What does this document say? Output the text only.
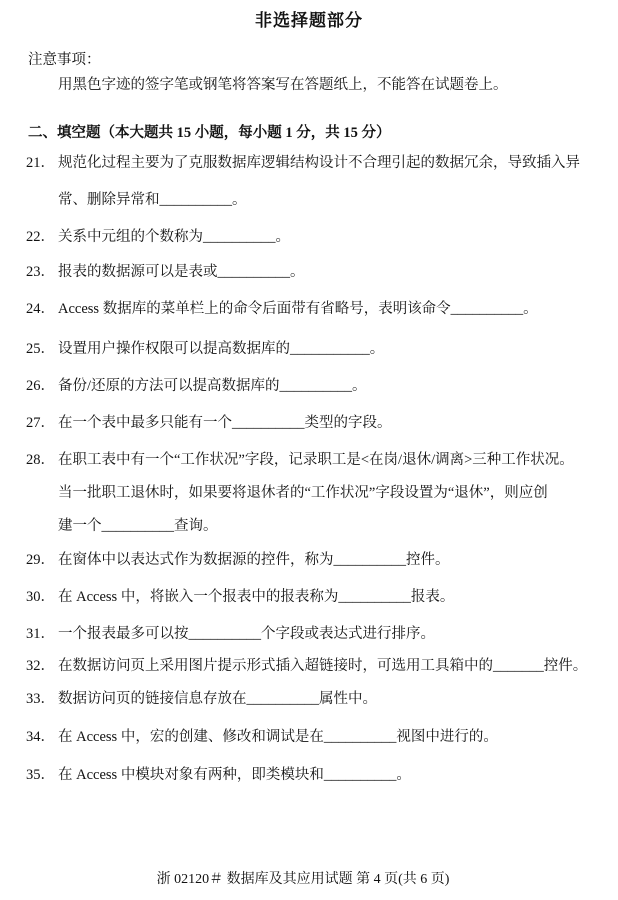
非选择题部分
注意事项：
用黑色字迹的签字笔或钢笔将答案写在答题纸上，不能答在试题卷上。
二、填空题（本大题共 15 小题，每小题 1 分，共 15 分）
21． 规范化过程主要为了克服数据库逻辑结构设计不合理引起的数据冗余，导致插入异
常、删除异常和__________。
22． 关系中元组的个数称为__________。
23． 报表的数据源可以是表或__________。
24． Access 数据库的菜单栏上的命令后面带有省略号，表明该命令__________。
25． 设置用户操作权限可以提高数据库的___________。
26． 备份/还原的方法可以提高数据库的__________。
27． 在一个表中最多只能有一个__________类型的字段。
28． 在职工表中有一个“工作状况”字段，记录职工是<在岗/退休/调离>三种工作状况。
当一批职工退休时，如果要将退休者的“工作状况”字段设置为“退休”，则应创
建一个__________查询。
29． 在窗体中以表达式作为数据源的控件，称为__________控件。
30． 在 Access 中，将嵌入一个报表中的报表称为__________报表。
31． 一个报表最多可以按__________个字段或表达式进行排序。
32． 在数据访问页上采用图片提示形式插入超链接时，可选用工具箱中的_______控件。
33． 数据访问页的链接信息存放在__________属性中。
34． 在 Access 中，宏的创建、修改和调试是在__________视图中进行的。
35． 在 Access 中模块对象有两种，即类模块和__________。
浙 02120＃ 数据库及其应用试题 第 4 页(共 6 页)
